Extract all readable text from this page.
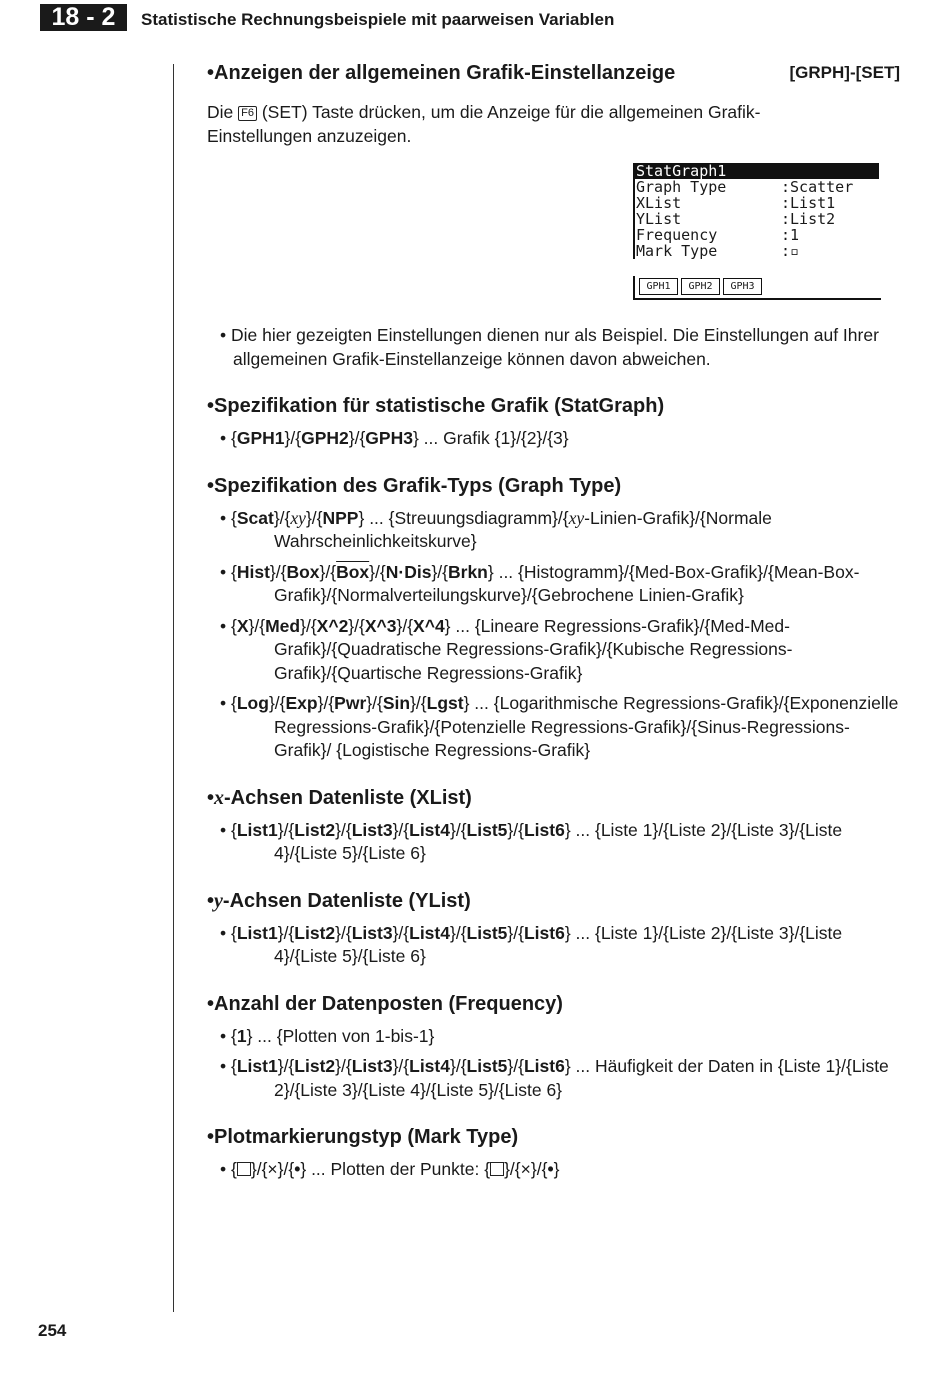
18 - 2	Statistische Rechnungsbeispiele mit paarweisen Variablen
254
StatGraph1
Graph Type	:Scatter
XList	:List1
YList	:List2
Frequency	:1
Mark Type	:▫
GPH1	GPH2	GPH3
•Anzeigen der allgemeinen Grafik-Einstellanzeige	[GRPH]-[SET]

Die F6 (SET) Taste drücken, um die Anzeige für die allgemeinen Grafik-Einstellungen anzuzeigen.

• Die hier gezeigten Einstellungen dienen nur als Beispiel. Die Einstellungen auf Ihrer allgemeinen Grafik-Einstellanzeige können davon abweichen.
•Spezifikation für statistische Grafik (StatGraph)
• {GPH1}/{GPH2}/{GPH3} ... Grafik {1}/{2}/{3}
•Spezifikation des Grafik-Typs (Graph Type)
• {Scat}/{xy}/{NPP} ... {Streuungsdiagramm}/{xy-Linien-Grafik}/{Normale Wahrscheinlichkeitskurve}
• $\{Hist\}/\{Box\}/\{\overline{Box}\}/\{N\cdot Dis\}/\{Brkn\}$ ... {Histogramm}/{Med-Box-Grafik}/{Mean-Box-Grafik}/{Normalverteilungskurve}/{Gebrochene Linien-Grafik}
• {X}/{Med}/{X^2}/{X^3}/{X^4} ... {Lineare Regressions-Grafik}/{Med-Med-Grafik}/{Quadratische Regressions-Grafik}/{Kubische Regressions-Grafik}/{Quartische Regressions-Grafik}
• {Log}/{Exp}/{Pwr}/{Sin}/{Lgst} ... {Logarithmische Regressions-Grafik}/{Exponenzielle Regressions-Grafik}/{Potenzielle Regressions-Grafik}/{Sinus-Regressions-Grafik}/ {Logistische Regressions-Grafik}
•x-Achsen Datenliste (XList)
• {List1}/{List2}/{List3}/{List4}/{List5}/{List6} ... {Liste 1}/{Liste 2}/{Liste 3}/{Liste 4}/{Liste 5}/{Liste 6}
•y-Achsen Datenliste (YList)
• {List1}/{List2}/{List3}/{List4}/{List5}/{List6} ... {Liste 1}/{Liste 2}/{Liste 3}/{Liste 4}/{Liste 5}/{Liste 6}
•Anzahl der Datenposten (Frequency)
• {1} ... {Plotten von 1-bis-1}
• {List1}/{List2}/{List3}/{List4}/{List5}/{List6} ... Häufigkeit der Daten in {Liste 1}/{Liste 2}/{Liste 3}/{Liste 4}/{Liste 5}/{Liste 6}
•Plotmarkierungstyp (Mark Type)
• { }/{×}/{•} ... Plotten der Punkte: { }/{×}/{•}
